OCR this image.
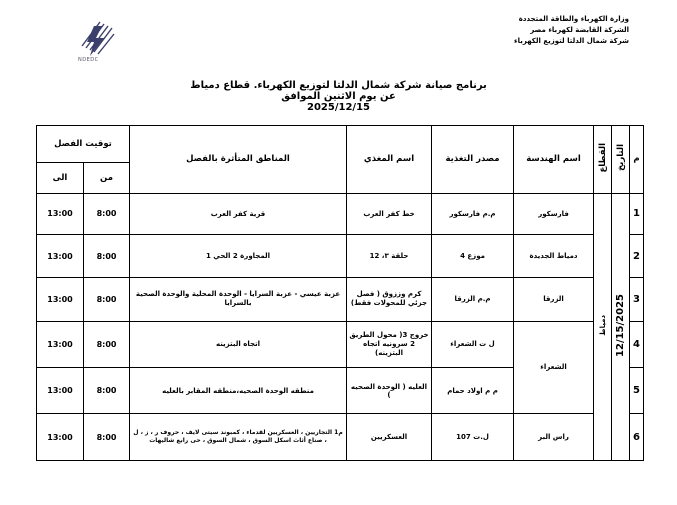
وزارة الكهرباء والطاقة المتجددة
الشركة القابضة لكهرباء مصر
شركة شمال الدلتا لتوزيع الكهرباء
NDEDC
برنامج صيانة شركة شمال الدلتا لتوزيع الكهرباء. قطاع دمياط
عن يوم الاثنين الموافق
2025/12/15
م	التاريخ	القطاع	اسم الهندسة	مصدر التغذية	اسم المغذي	المناطق المتأثرة بالفصل	توقيت الفصل	
							من	الى
1	12/15/2025	دمياط	فارسكور	م.م فارسكور	خط كفر العرب	قرية كفر العرب	8:00	13:00
2			دمياط الجديدة	موزع 4	حلقة ٣، 12	المجاورة 2 الحي 1	8:00	13:00
3			الزرقا	م.م الزرقا	كرم وززوق ( فصل جزئي للمحولات فقط)	عزبة عيسي - عزبة السرايا - الوحدة المحلية والوحدة الصحية بالسرايا	8:00	13:00
4			الشعراء	ل ت الشعراء	خروج 3( محول الطريق 2 سرونيه اتجاه البتزينه)	اتجاه البتزينه	8:00	13:00
5				م م اولاد حمام	العليه ( الوحدة الصحيه )	منطقه الوحدة الصحيه،منطقه المقابر بالعليه	8:00	13:00
6			راس البر	ل.ت 107	العسكريين	م1 التجاريين ، العسكريين لقدماء ، كمبوند سيتى لايف ، حروف ر ، ز ، ل ، صناع أثاث اسكل السوق ، شمال السوق ، حى رابع شاليهات	8:00	13:00
